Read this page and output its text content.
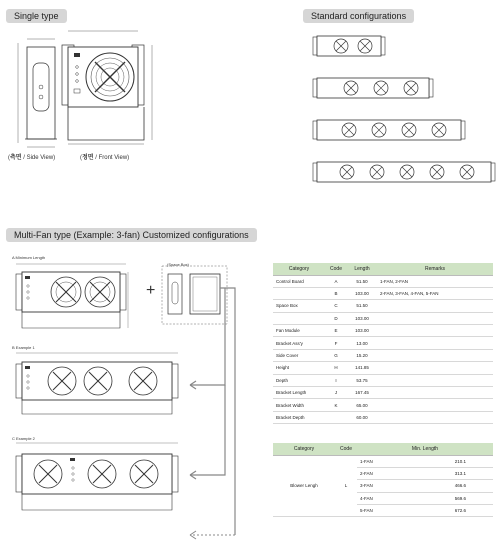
Single type	Standard configurations
Multi-Fan type (Example: 3-fan) Customized configurations
(측면 / Side View)	(정면 / Front View)
A Minimum Length
B Example 1
C Example 2
(Space Box)
+
Category	Code	Length	Remarks
Control Board	A	51.50	1-FAN, 2-FAN
	B	103.00	2-FAN, 3-FAN, 4-FAN, 5-FAN
Space Box	C	51.50	
	D	103.00	
Fan Module	E	103.00	
Bracket Ass'y	F	13.00	
Side Cover	G	15.20	
Height	H	141.85	
Depth	I	53.75	
Bracket Length	J	167.45	
Bracket Width	K	65.00	
Bracket Depth		60.00	
Category	Code	Min. Length	
Blower Lengh	L	1-FAN	210.1
		2-FAN	313.1
		3-FAN	466.6
		4-FAN	569.6
		5-FAN	672.6
